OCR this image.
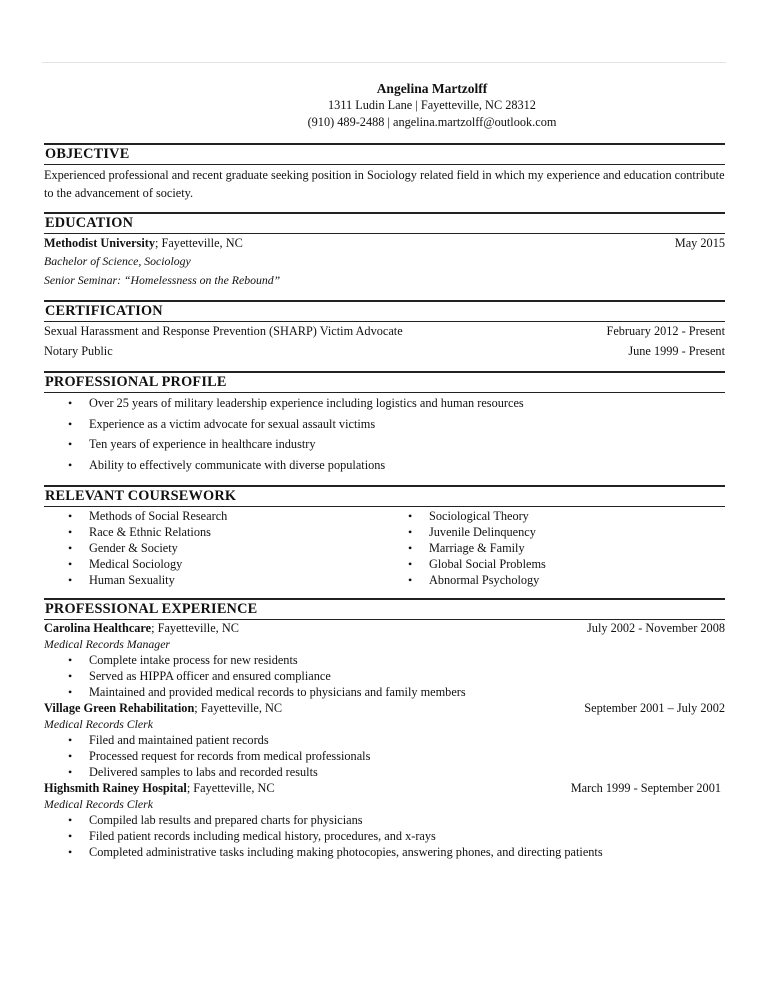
Angelina Martzolff
1311 Ludin Lane | Fayetteville, NC 28312
(910) 489-2488 | angelina.martzolff@outlook.com
OBJECTIVE
Experienced professional and recent graduate seeking position in Sociology related field in which my experience and education contribute to the advancement of society.
EDUCATION
Methodist University; Fayetteville, NC	May 2015
Bachelor of Science, Sociology
Senior Seminar: “Homelessness on the Rebound”
CERTIFICATION
Sexual Harassment and Response Prevention (SHARP) Victim Advocate	February 2012 - Present
Notary Public	June 1999 - Present
PROFESSIONAL PROFILE
• Over 25 years of military leadership experience including logistics and human resources
• Experience as a victim advocate for sexual assault victims
• Ten years of experience in healthcare industry
• Ability to effectively communicate with diverse populations
RELEVANT COURSEWORK
• Methods of Social Research
• Race & Ethnic Relations
• Gender & Society
• Medical Sociology
• Human Sexuality
• Sociological Theory
• Juvenile Delinquency
• Marriage & Family
• Global Social Problems
• Abnormal Psychology
PROFESSIONAL EXPERIENCE
Carolina Healthcare; Fayetteville, NC	July 2002 - November 2008
Medical Records Manager
• Complete intake process for new residents
• Served as HIPPA officer and ensured compliance
• Maintained and provided medical records to physicians and family members
Village Green Rehabilitation; Fayetteville, NC	September 2001 – July 2002
Medical Records Clerk
• Filed and maintained patient records
• Processed request for records from medical professionals
• Delivered samples to labs and recorded results
Highsmith Rainey Hospital; Fayetteville, NC	March 1999 - September 2001
Medical Records Clerk
• Compiled lab results and prepared charts for physicians
• Filed patient records including medical history, procedures, and x-rays
• Completed administrative tasks including making photocopies, answering phones, and directing patients
